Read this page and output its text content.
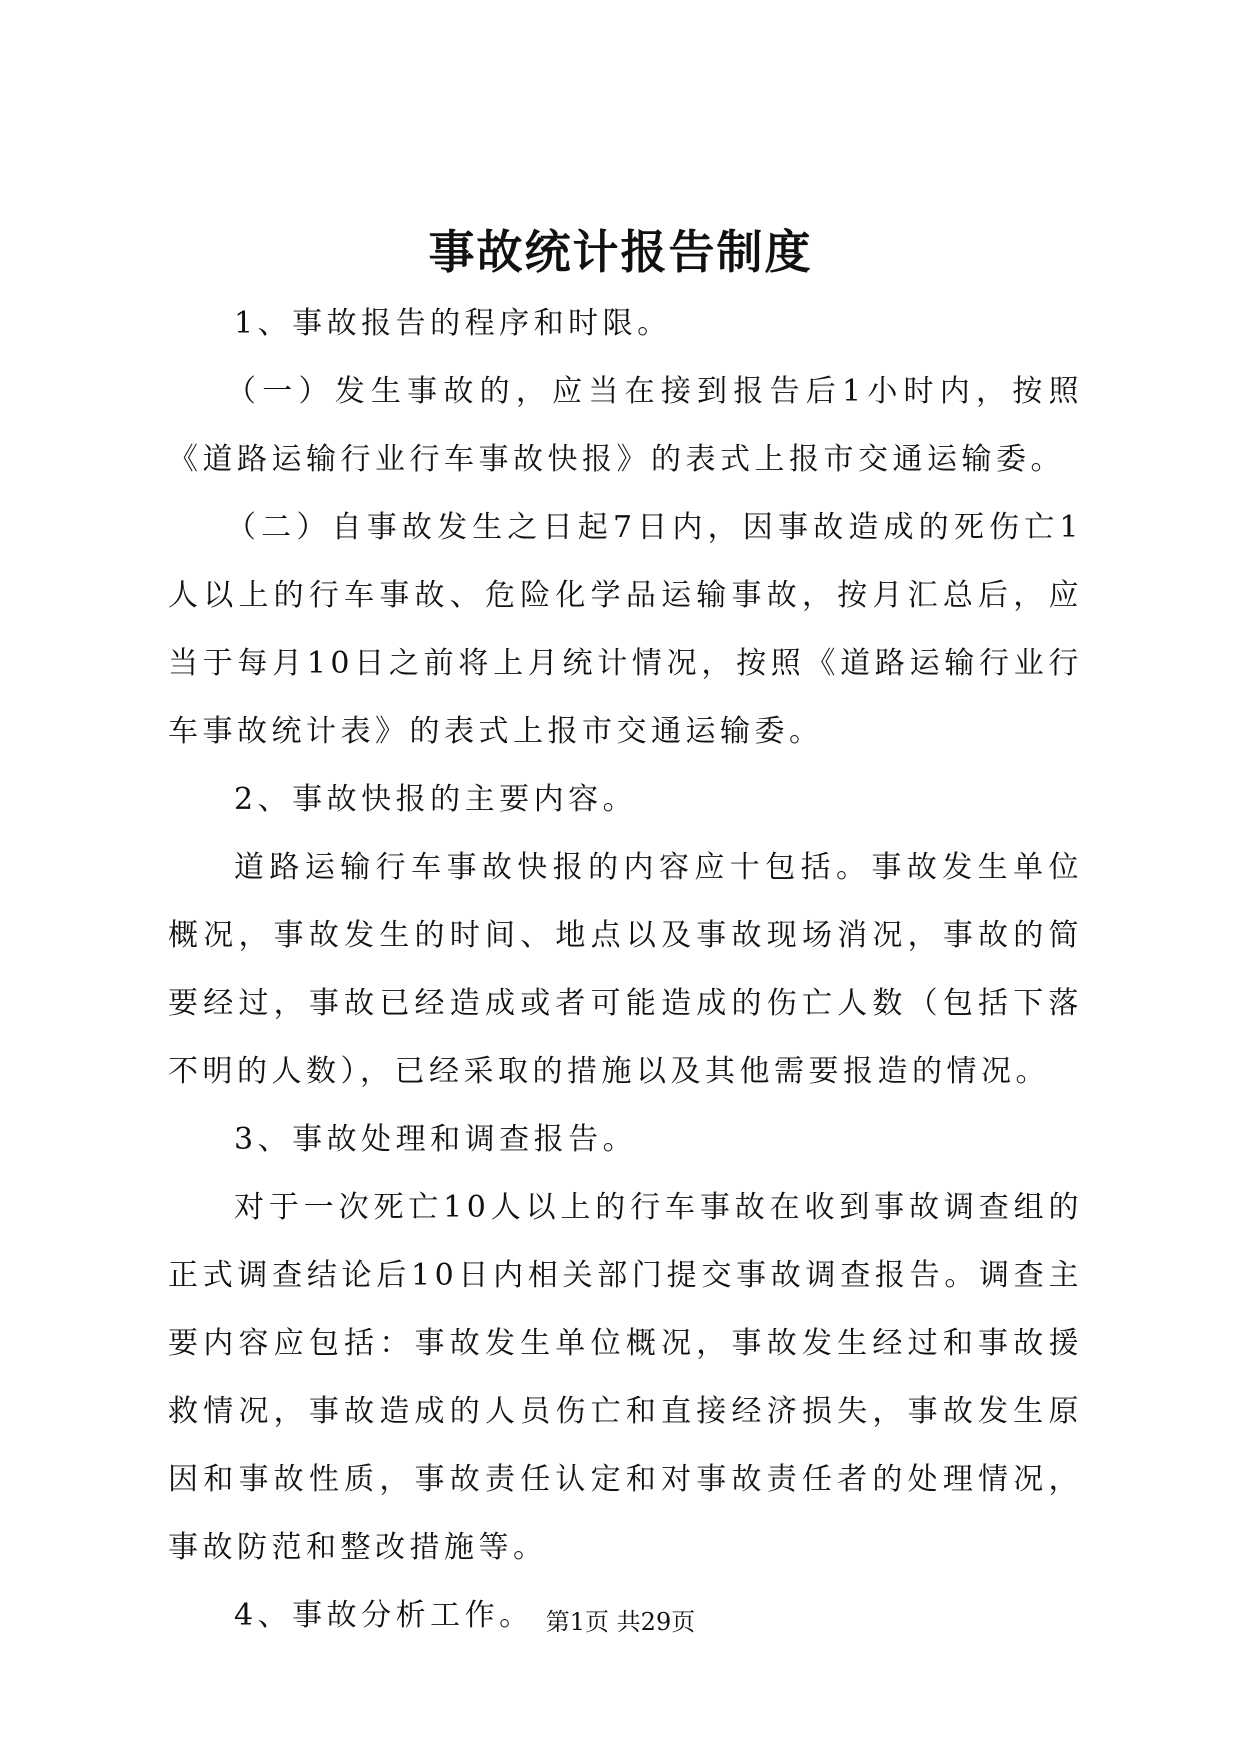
事故统计报告制度

1、事故报告的程序和时限。

（一）发生事故的，应当在接到报告后1小时内，按照《道路运输行业行车事故快报》的表式上报市交通运输委。

（二）自事故发生之日起7日内，因事故造成的死伤亡1人以上的行车事故、危险化学品运输事故，按月汇总后，应当于每月10日之前将上月统计情况，按照《道路运输行业行车事故统计表》的表式上报市交通运输委。

2、事故快报的主要内容。

道路运输行车事故快报的内容应十包括。事故发生单位概况，事故发生的时间、地点以及事故现场消况，事故的简要经过，事故已经造成或者可能造成的伤亡人数（包括下落不明的人数），已经采取的措施以及其他需要报造的情况。

3、事故处理和调查报告。

对于一次死亡10人以上的行车事故在收到事故调查组的正式调查结论后10日内相关部门提交事故调查报告。调查主要内容应包括：事故发生单位概况，事故发生经过和事故援救情况，事故造成的人员伤亡和直接经济损失，事故发生原因和事故性质，事故责任认定和对事故责任者的处理情况，事故防范和整改措施等。

4、事故分析工作。 第1页 共29页
